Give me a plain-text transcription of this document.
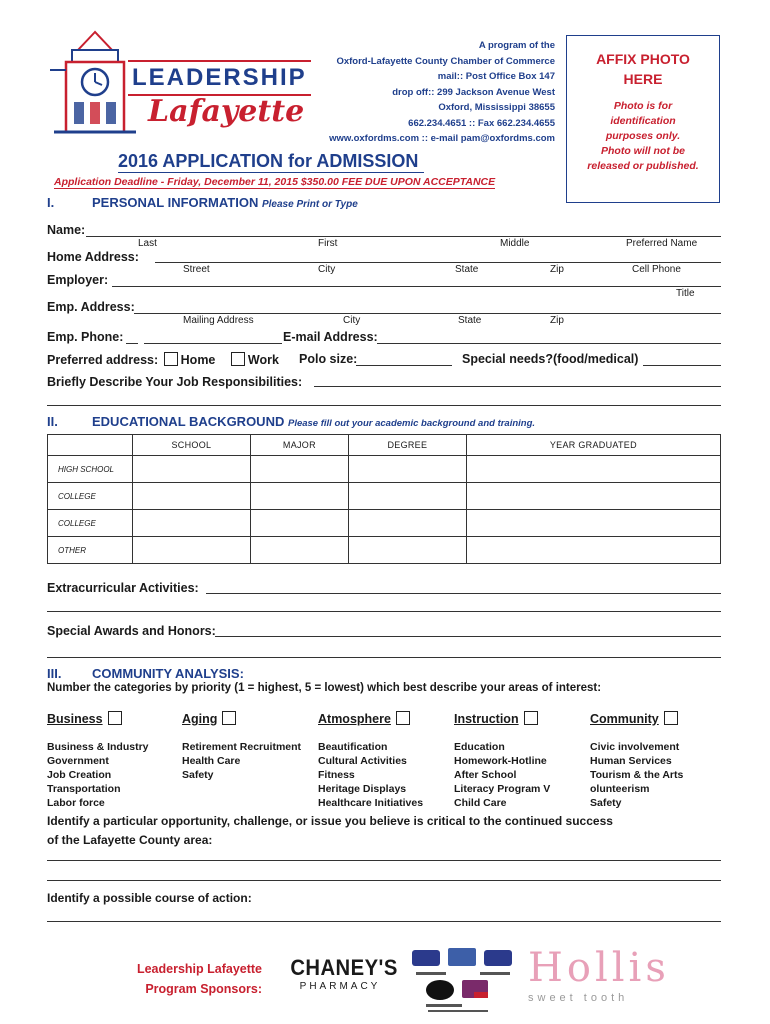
LEADERSHIP
Lafayette
A program of the
Oxford-Lafayette County Chamber of Commerce
mail:: Post Office Box 147
drop off:: 299 Jackson Avenue West
Oxford, Mississippi 38655
662.234.4651 :: Fax 662.234.4655
www.oxfordms.com :: e-mail pam@oxfordms.com
AFFIX PHOTO
HERE
Photo is for
identification
purposes only.
Photo will not be
released or published.
2016 APPLICATION for ADMISSION
Application Deadline - Friday, December 11, 2015 $350.00 FEE DUE UPON ACCEPTANCE
I.	PERSONAL INFORMATION Please Print or Type
Name:
Last	First	Middle	Preferred Name
Home Address:
Street	City	State	Zip	Cell Phone
Employer:
Title
Emp. Address:
Mailing Address	City	State	Zip
Emp. Phone:	E-mail Address:
Preferred address: Home	Work Polo size:	Special needs?(food/medical)
Briefly Describe Your Job Responsibilities:
II.	EDUCATIONAL BACKGROUND Please fill out your academic background and training.
	SCHOOL	MAJOR	DEGREE	YEAR GRADUATED
HIGH SCHOOL				
COLLEGE				
COLLEGE				
OTHER				
Extracurricular Activities:
Special Awards and Honors:
III. COMMUNITY ANALYSIS:
Number the categories by priority (1 = highest, 5 = lowest) which best describe your areas of interest:
Business
Business & Industry
Government
Job Creation
Transportation
Labor force
Aging
Retirement Recruitment
Health Care
Safety
Atmosphere
Beautification
Cultural Activities
Fitness
Heritage Displays
Healthcare Initiatives
Instruction
Education
Homework-Hotline
After School
Literacy Program V
Child Care
Community
Civic involvement
Human Services
Tourism & the Arts
olunteerism
Safety
Identify a particular opportunity, challenge, or issue you believe is critical to the continued success
of the Lafayette County area:
Identify a possible course of action:
Leadership Lafayette
Program Sponsors:
CHANEY'S
PHARMACY	Hollis
sweet tooth
